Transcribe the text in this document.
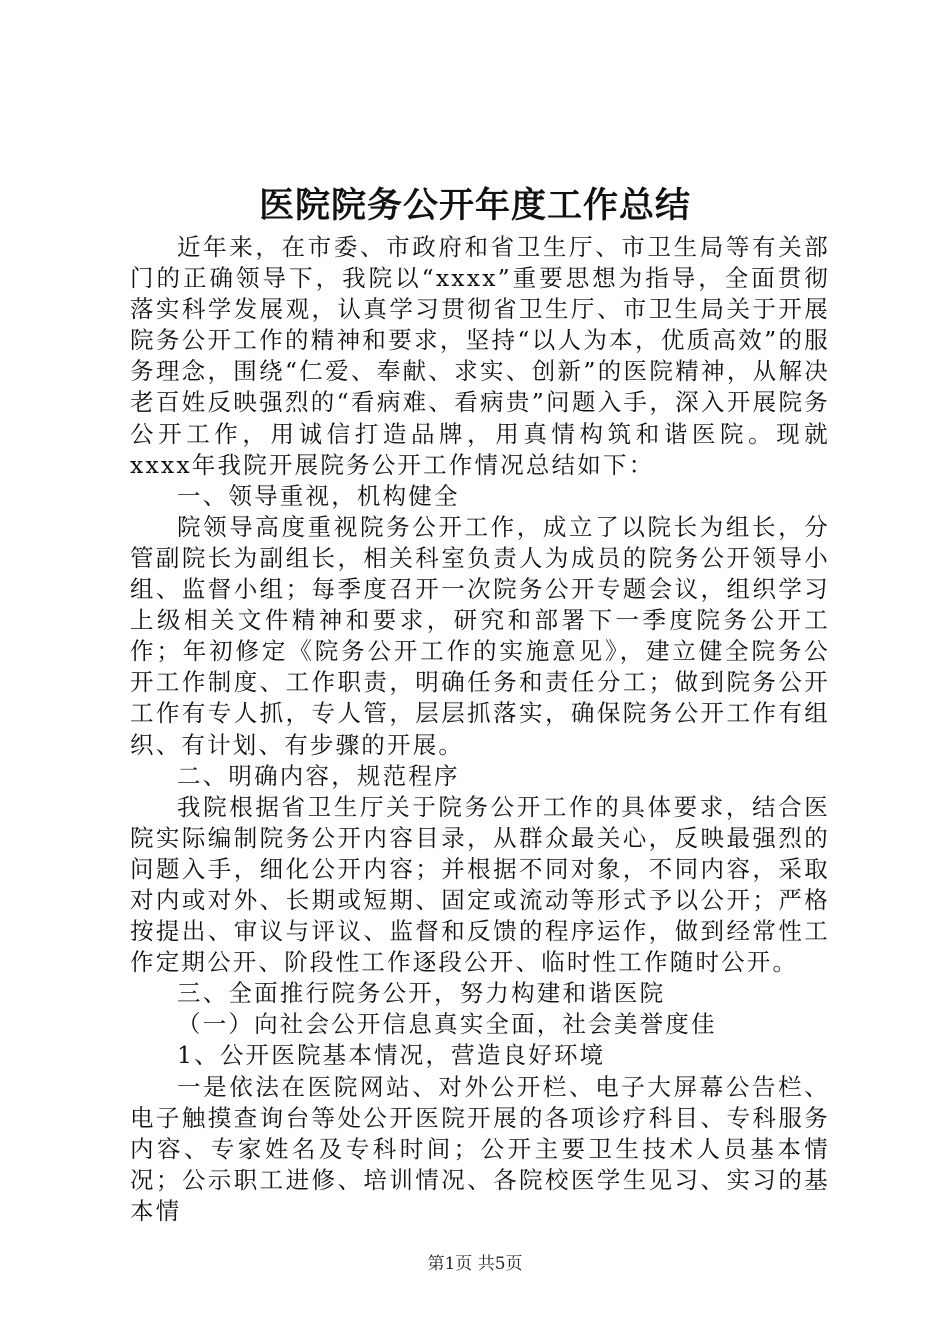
医院院务公开年度工作总结

近年来，在市委、市政府和省卫生厅、市卫生局等有关部门的正确领导下，我院以“xxxx”重要思想为指导，全面贯彻落实科学发展观，认真学习贯彻省卫生厅、市卫生局关于开展院务公开工作的精神和要求，坚持“以人为本，优质高效”的服务理念，围绕“仁爱、奉献、求实、创新”的医院精神，从解决老百姓反映强烈的“看病难、看病贵”问题入手，深入开展院务公开工作，用诚信打造品牌，用真情构筑和谐医院。现就xxxx年我院开展院务公开工作情况总结如下：

一、领导重视，机构健全

院领导高度重视院务公开工作，成立了以院长为组长，分管副院长为副组长，相关科室负责人为成员的院务公开领导小组、监督小组；每季度召开一次院务公开专题会议，组织学习上级相关文件精神和要求，研究和部署下一季度院务公开工作；年初修定《院务公开工作的实施意见》，建立健全院务公开工作制度、工作职责，明确任务和责任分工；做到院务公开工作有专人抓，专人管，层层抓落实，确保院务公开工作有组织、有计划、有步骤的开展。

二、明确内容，规范程序

我院根据省卫生厅关于院务公开工作的具体要求，结合医院实际编制院务公开内容目录，从群众最关心，反映最强烈的问题入手，细化公开内容；并根据不同对象，不同内容，采取对内或对外、长期或短期、固定或流动等形式予以公开；严格按提出、审议与评议、监督和反馈的程序运作，做到经常性工作定期公开、阶段性工作逐段公开、临时性工作随时公开。

三、全面推行院务公开，努力构建和谐医院

（一）向社会公开信息真实全面，社会美誉度佳

1、公开医院基本情况，营造良好环境

一是依法在医院网站、对外公开栏、电子大屏幕公告栏、电子触摸查询台等处公开医院开展的各项诊疗科目、专科服务内容、专家姓名及专科时间；公开主要卫生技术人员基本情况；公示职工进修、培训情况、各院校医学生见习、实习的基本情

第1页 共5页
